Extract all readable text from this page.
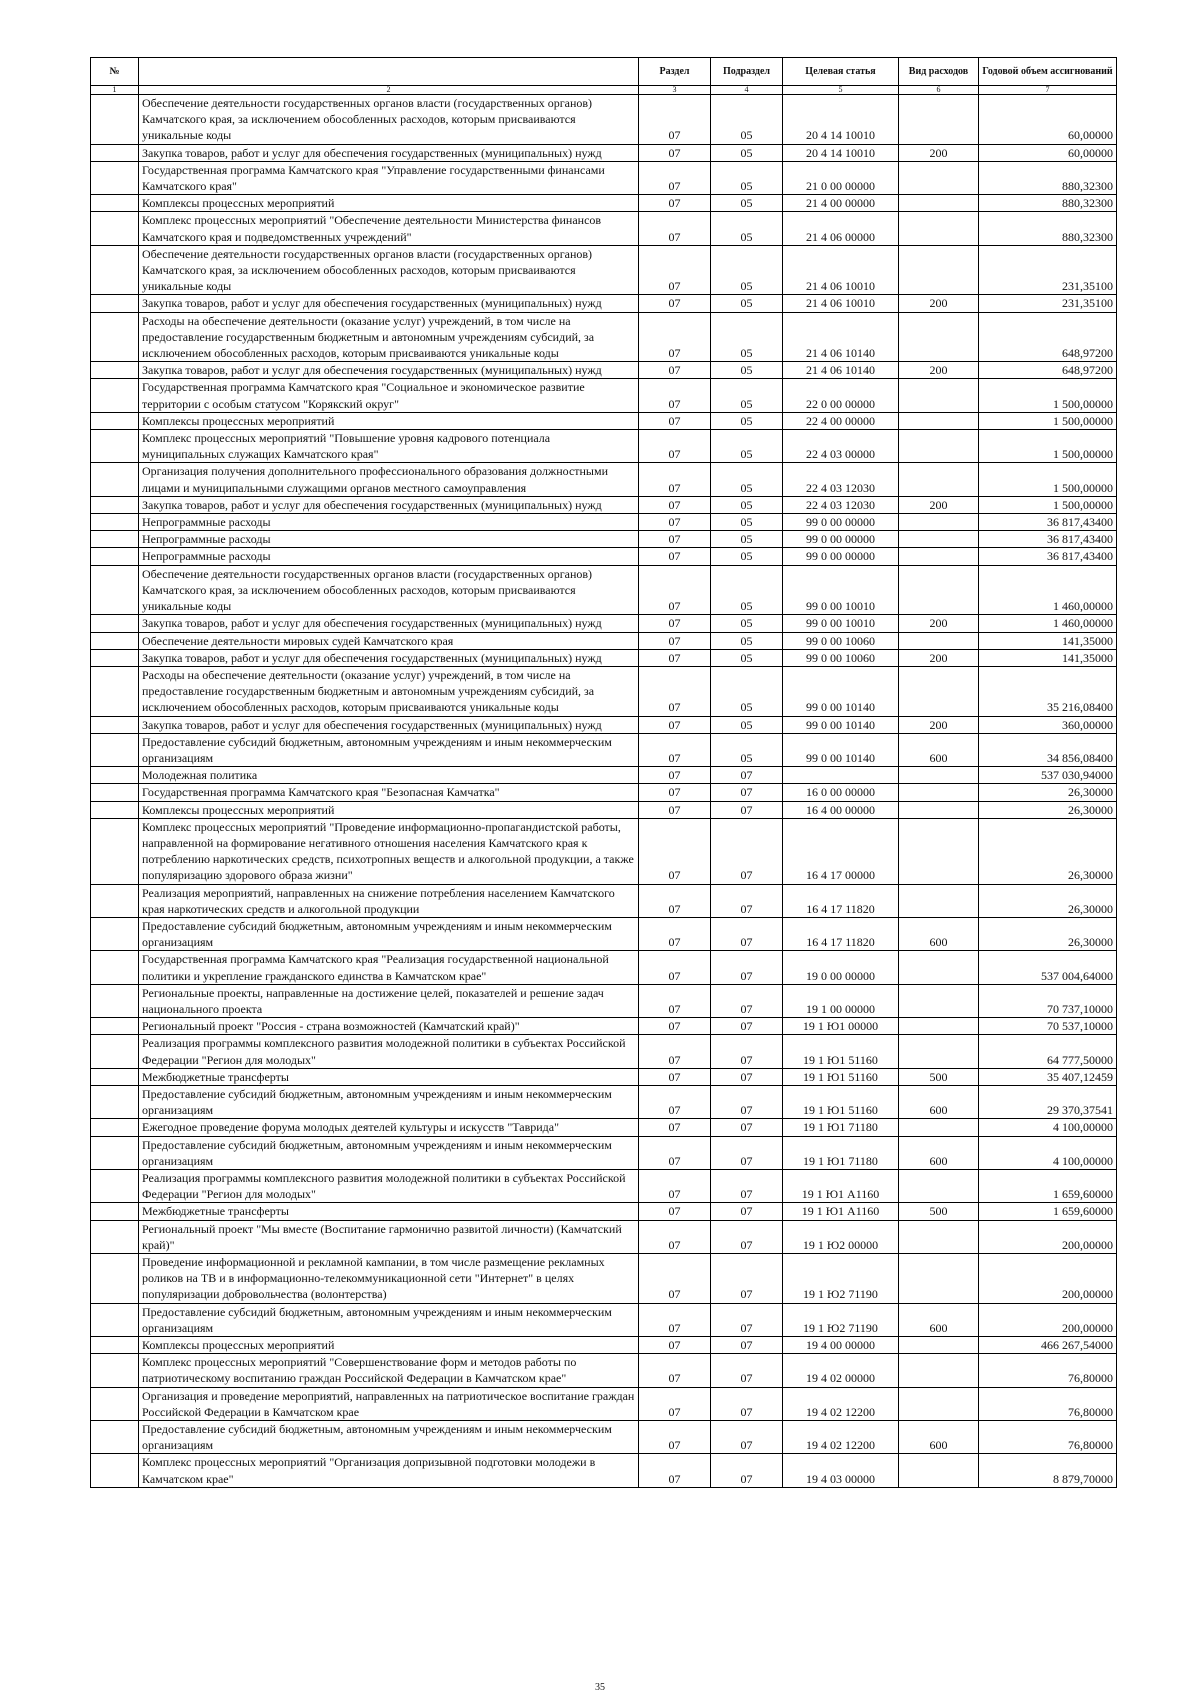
№		Раздел	Подраздел	Целевая статья	Вид расходов	Годовой объем ассигнований
1	2	3	4	5	6	7
	Обеспечение деятельности государственных органов власти (государственных органов) Камчатского края, за исключением обособленных расходов, которым присваиваются уникальные коды	07	05	20 4 14 10010		60,00000
	Закупка товаров, работ и услуг для обеспечения государственных (муниципальных) нужд	07	05	20 4 14 10010	200	60,00000
	Государственная программа Камчатского края "Управление государственными финансами Камчатского края"	07	05	21 0 00 00000		880,32300
	Комплексы процессных мероприятий	07	05	21 4 00 00000		880,32300
	Комплекс процессных мероприятий "Обеспечение деятельности Министерства финансов Камчатского края и подведомственных учреждений"	07	05	21 4 06 00000		880,32300
	Обеспечение деятельности государственных органов власти (государственных органов) Камчатского края, за исключением обособленных расходов, которым присваиваются уникальные коды	07	05	21 4 06 10010		231,35100
	Закупка товаров, работ и услуг для обеспечения государственных (муниципальных) нужд	07	05	21 4 06 10010	200	231,35100
	Расходы на обеспечение деятельности (оказание услуг) учреждений, в том числе на предоставление государственным бюджетным и автономным учреждениям субсидий, за исключением обособленных расходов, которым присваиваются уникальные коды	07	05	21 4 06 10140		648,97200
	Закупка товаров, работ и услуг для обеспечения государственных (муниципальных) нужд	07	05	21 4 06 10140	200	648,97200
	Государственная программа Камчатского края "Социальное и экономическое развитие территории с особым статусом "Корякский округ"	07	05	22 0 00 00000		1 500,00000
	Комплексы процессных мероприятий	07	05	22 4 00 00000		1 500,00000
	Комплекс процессных мероприятий "Повышение уровня кадрового потенциала муниципальных служащих Камчатского края"	07	05	22 4 03 00000		1 500,00000
	Организация получения дополнительного профессионального образования должностными лицами и муниципальными служащими органов местного самоуправления	07	05	22 4 03 12030		1 500,00000
	Закупка товаров, работ и услуг для обеспечения государственных (муниципальных) нужд	07	05	22 4 03 12030	200	1 500,00000
	Непрограммные расходы	07	05	99 0 00 00000		36 817,43400
	Непрограммные расходы	07	05	99 0 00 00000		36 817,43400
	Непрограммные расходы	07	05	99 0 00 00000		36 817,43400
	Обеспечение деятельности государственных органов власти (государственных органов) Камчатского края, за исключением обособленных расходов, которым присваиваются уникальные коды	07	05	99 0 00 10010		1 460,00000
	Закупка товаров, работ и услуг для обеспечения государственных (муниципальных) нужд	07	05	99 0 00 10010	200	1 460,00000
	Обеспечение деятельности мировых судей Камчатского края	07	05	99 0 00 10060		141,35000
	Закупка товаров, работ и услуг для обеспечения государственных (муниципальных) нужд	07	05	99 0 00 10060	200	141,35000
	Расходы на обеспечение деятельности (оказание услуг) учреждений, в том числе на предоставление государственным бюджетным и автономным учреждениям субсидий, за исключением обособленных расходов, которым присваиваются уникальные коды	07	05	99 0 00 10140		35 216,08400
	Закупка товаров, работ и услуг для обеспечения государственных (муниципальных) нужд	07	05	99 0 00 10140	200	360,00000
	Предоставление субсидий бюджетным, автономным учреждениям и иным некоммерческим организациям	07	05	99 0 00 10140	600	34 856,08400
	Молодежная политика	07	07			537 030,94000
	Государственная программа Камчатского края "Безопасная Камчатка"	07	07	16 0 00 00000		26,30000
	Комплексы процессных мероприятий	07	07	16 4 00 00000		26,30000
	Комплекс процессных мероприятий "Проведение информационно-пропагандистской работы, направленной на формирование негативного отношения населения Камчатского края к потреблению наркотических средств, психотропных веществ и алкогольной продукции, а также популяризацию здорового образа жизни"	07	07	16 4 17 00000		26,30000
	Реализация мероприятий, направленных на снижение потребления населением Камчатского края наркотических средств и алкогольной продукции	07	07	16 4 17 11820		26,30000
	Предоставление субсидий бюджетным, автономным учреждениям и иным некоммерческим организациям	07	07	16 4 17 11820	600	26,30000
	Государственная программа Камчатского края "Реализация государственной национальной политики и укрепление гражданского единства в Камчатском крае"	07	07	19 0 00 00000		537 004,64000
	Региональные проекты, направленные на достижение целей, показателей и решение задач национального проекта	07	07	19 1 00 00000		70 737,10000
	Региональный проект "Россия - страна возможностей (Камчатский край)"	07	07	19 1 Ю1 00000		70 537,10000
	Реализация программы комплексного развития молодежной политики в субъектах Российской Федерации "Регион для молодых"	07	07	19 1 Ю1 51160		64 777,50000
	Межбюджетные трансферты	07	07	19 1 Ю1 51160	500	35 407,12459
	Предоставление субсидий бюджетным, автономным учреждениям и иным некоммерческим организациям	07	07	19 1 Ю1 51160	600	29 370,37541
	Ежегодное проведение форума молодых деятелей культуры и искусств "Таврида"	07	07	19 1 Ю1 71180		4 100,00000
	Предоставление субсидий бюджетным, автономным учреждениям и иным некоммерческим организациям	07	07	19 1 Ю1 71180	600	4 100,00000
	Реализация программы комплексного развития молодежной политики в субъектах Российской Федерации "Регион для молодых"	07	07	19 1 Ю1 А1160		1 659,60000
	Межбюджетные трансферты	07	07	19 1 Ю1 А1160	500	1 659,60000
	Региональный проект "Мы вместе (Воспитание гармонично развитой личности) (Камчатский край)"	07	07	19 1 Ю2 00000		200,00000
	Проведение информационной и рекламной кампании, в том числе размещение рекламных роликов на ТВ и в информационно-телекоммуникационной сети "Интернет" в целях популяризации добровольчества (волонтерства)	07	07	19 1 Ю2 71190		200,00000
	Предоставление субсидий бюджетным, автономным учреждениям и иным некоммерческим организациям	07	07	19 1 Ю2 71190	600	200,00000
	Комплексы процессных мероприятий	07	07	19 4 00 00000		466 267,54000
	Комплекс процессных мероприятий "Совершенствование форм и методов работы по патриотическому воспитанию граждан Российской Федерации в Камчатском крае"	07	07	19 4 02 00000		76,80000
	Организация и проведение мероприятий, направленных на патриотическое воспитание граждан Российской Федерации в Камчатском крае	07	07	19 4 02 12200		76,80000
	Предоставление субсидий бюджетным, автономным учреждениям и иным некоммерческим организациям	07	07	19 4 02 12200	600	76,80000
	Комплекс процессных мероприятий "Организация допризывной подготовки молодежи в Камчатском крае"	07	07	19 4 03 00000		8 879,70000
35
